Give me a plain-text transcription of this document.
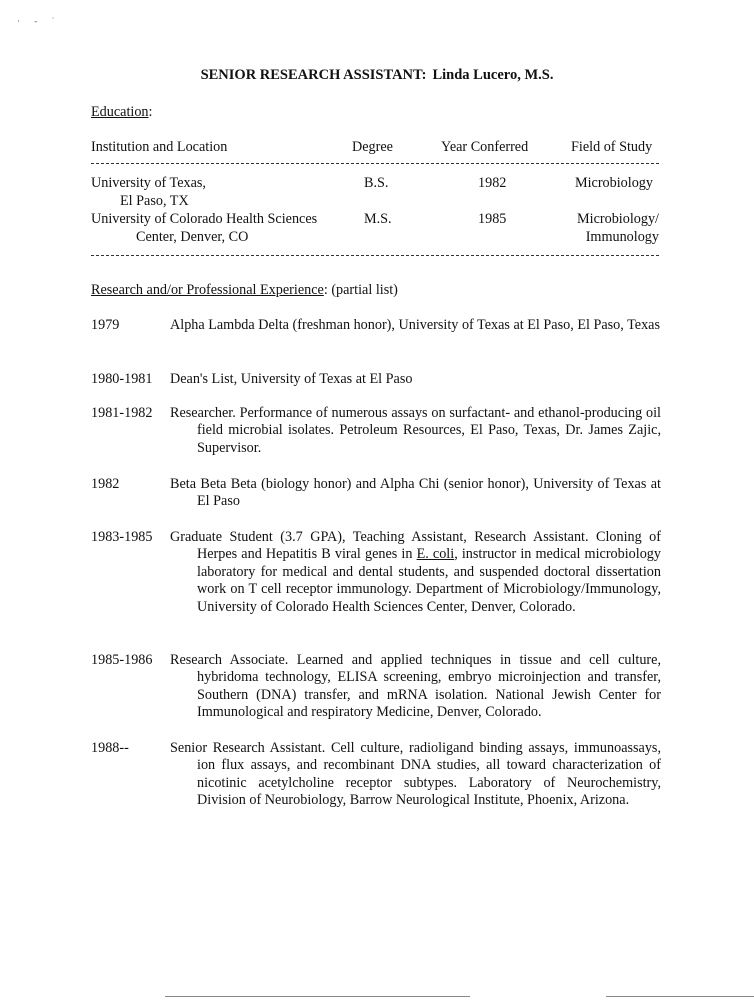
· ‐ ˙
SENIOR RESEARCH ASSISTANT: Linda Lucero, M.S.
Education:
Institution and Location	Degree	Year Conferred	Field of Study
University of Texas,
El Paso, TX
B.S.	1982	Microbiology
University of Colorado Health Sciences
Center, Denver, CO
M.S.	1985	Microbiology/
Immunology
Research and/or Professional Experience: (partial list)
1979	Alpha Lambda Delta (freshman honor), University of Texas at El Paso, El Paso, Texas
1980-1981	Dean's List, University of Texas at El Paso
1981-1982	Researcher. Performance of numerous assays on surfactant- and ethanol-producing oil field microbial isolates. Petroleum Resources, El Paso, Texas, Dr. James Zajic, Supervisor.
1982	Beta Beta Beta (biology honor) and Alpha Chi (senior honor), University of Texas at El Paso
1983-1985	Graduate Student (3.7 GPA), Teaching Assistant, Research Assistant. Cloning of Herpes and Hepatitis B viral genes in E. coli, instructor in medical microbiology laboratory for medical and dental students, and suspended doctoral dissertation work on T cell receptor immunology. Department of Microbiology/Immunology, University of Colorado Health Sciences Center, Denver, Colorado.
1985-1986	Research Associate. Learned and applied techniques in tissue and cell culture, hybridoma technology, ELISA screening, embryo microinjection and transfer, Southern (DNA) transfer, and mRNA isolation. National Jewish Center for Immunological and respiratory Medicine, Denver, Colorado.
1988--	Senior Research Assistant. Cell culture, radioligand binding assays, immunoassays, ion flux assays, and recombinant DNA studies, all toward characterization of nicotinic acetylcholine receptor subtypes. Laboratory of Neurochemistry, Division of Neurobiology, Barrow Neurological Institute, Phoenix, Arizona.
